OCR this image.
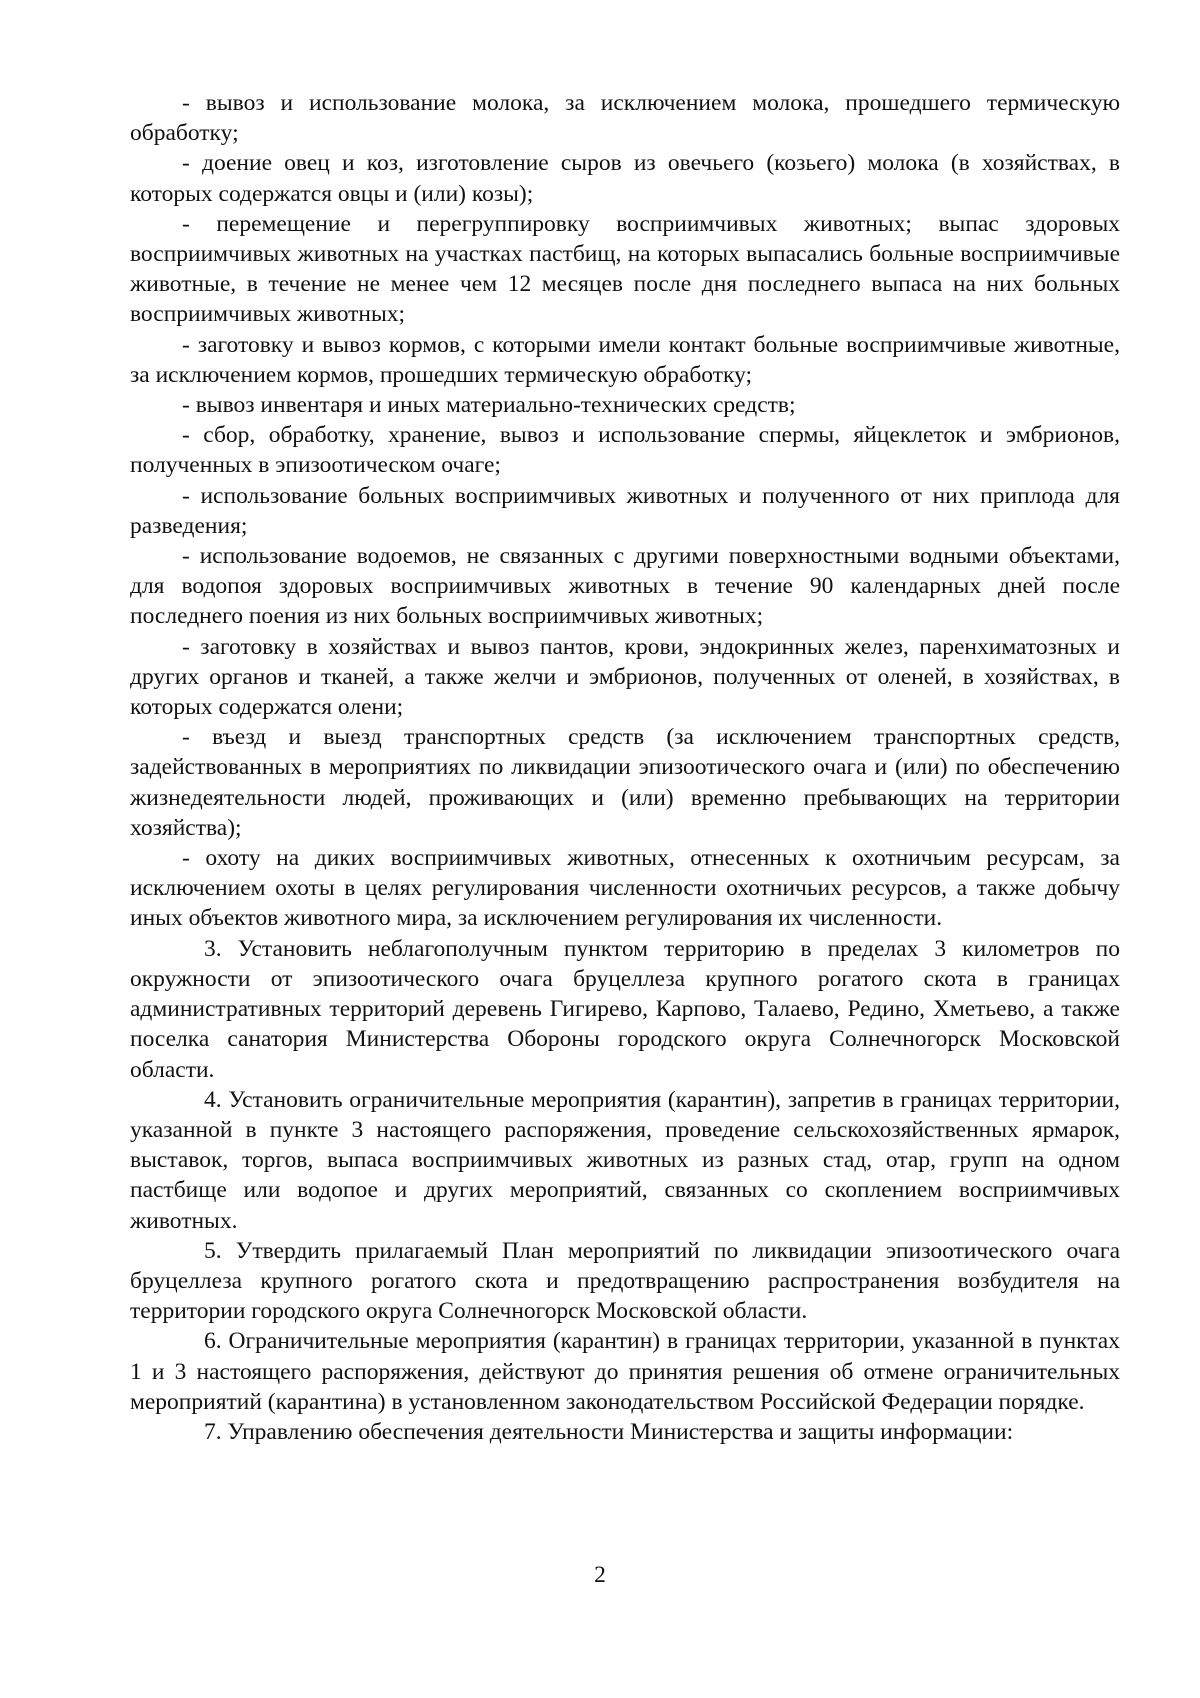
- вывоз и использование молока, за исключением молока, прошедшего термическую обработку;

- доение овец и коз, изготовление сыров из овечьего (козьего) молока (в хозяйствах, в которых содержатся овцы и (или) козы);

- перемещение и перегруппировку восприимчивых животных; выпас здоровых восприимчивых животных на участках пастбищ, на которых выпасались больные восприимчивые животные, в течение не менее чем 12 месяцев после дня последнего выпаса на них больных восприимчивых животных;

- заготовку и вывоз кормов, с которыми имели контакт больные восприимчивые животные, за исключением кормов, прошедших термическую обработку;

- вывоз инвентаря и иных материально-технических средств;

- сбор, обработку, хранение, вывоз и использование спермы, яйцеклеток и эмбрионов, полученных в эпизоотическом очаге;

- использование больных восприимчивых животных и полученного от них приплода для разведения;

- использование водоемов, не связанных с другими поверхностными водными объектами, для водопоя здоровых восприимчивых животных в течение 90 календарных дней после последнего поения из них больных восприимчивых животных;

- заготовку в хозяйствах и вывоз пантов, крови, эндокринных желез, паренхиматозных и других органов и тканей, а также желчи и эмбрионов, полученных от оленей, в хозяйствах, в которых содержатся олени;

- въезд и выезд транспортных средств (за исключением транспортных средств, задействованных в мероприятиях по ликвидации эпизоотического очага и (или) по обеспечению жизнедеятельности людей, проживающих и (или) временно пребывающих на территории хозяйства);

- охоту на диких восприимчивых животных, отнесенных к охотничьим ресурсам, за исключением охоты в целях регулирования численности охотничьих ресурсов, а также добычу иных объектов животного мира, за исключением регулирования их численности.

3. Установить неблагополучным пунктом территорию в пределах 3 километров по окружности от эпизоотического очага бруцеллеза крупного рогатого скота в границах административных территорий деревень Гигирево, Карпово, Талаево, Редино, Хметьево, а также поселка санатория Министерства Обороны городского округа Солнечногорск Московской области.

4. Установить ограничительные мероприятия (карантин), запретив в границах территории, указанной в пункте 3 настоящего распоряжения, проведение сельскохозяйственных ярмарок, выставок, торгов, выпаса восприимчивых животных из разных стад, отар, групп на одном пастбище или водопое и других мероприятий, связанных со скоплением восприимчивых животных.

5. Утвердить прилагаемый План мероприятий по ликвидации эпизоотического очага бруцеллеза крупного рогатого скота и предотвращению распространения возбудителя на территории городского округа Солнечногорск Московской области.

6. Ограничительные мероприятия (карантин) в границах территории, указанной в пунктах 1 и 3 настоящего распоряжения, действуют до принятия решения об отмене ограничительных мероприятий (карантина) в установленном законодательством Российской Федерации порядке.

7. Управлению обеспечения деятельности Министерства и защиты информации:

2
